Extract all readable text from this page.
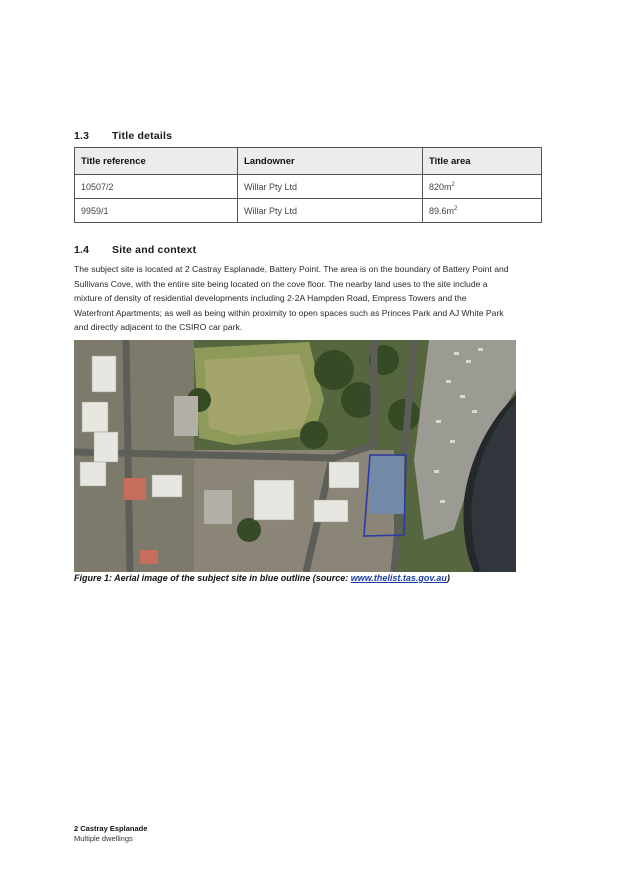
1.3 Title details
Title reference	Landowner	Title area
10507/2	Willar Pty Ltd	$820m^2$
9959/1	Willar Pty Ltd	$89.6m^2$
1.4 Site and context

The subject site is located at 2 Castray Esplanade, Battery Point. The area is on the boundary of Battery Point and

Sullivans Cove, with the entire site being located on the cove floor. The nearby land uses to the site include a

mixture of density of residential developments including 2-2A Hampden Road, Empress Towers and the

Waterfront Apartments; as well as being within proximity to open spaces such as Princes Park and AJ White Park

and directly adjacent to the CSIRO car park.

Figure 1: Aerial image of the subject site in blue outline (source: www.thelist.tas.gov.au)
2 Castray Esplanade
Multiple dwellings
